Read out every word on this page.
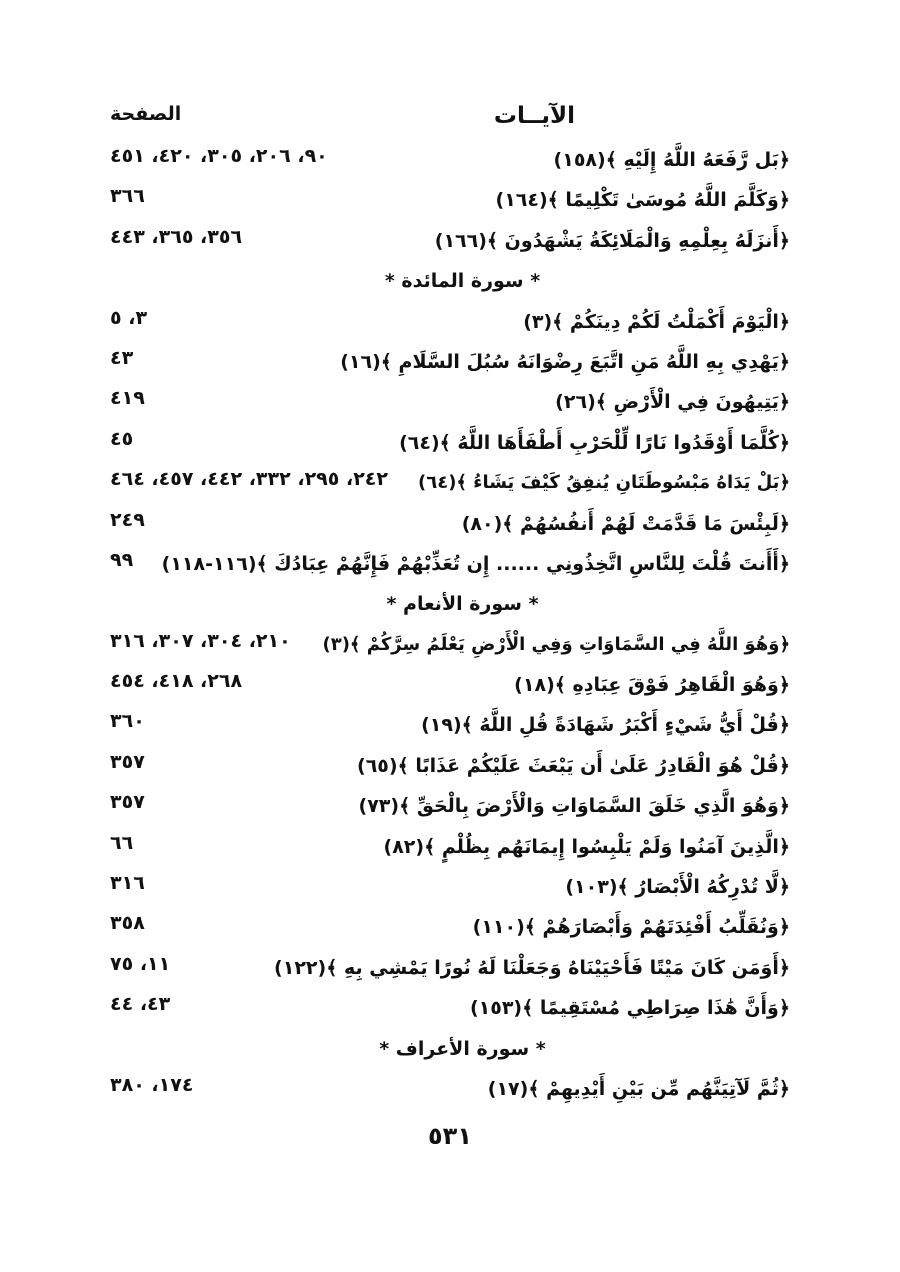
الآيــات
الصفحة
﴿بَل رَّفَعَهُ اللَّهُ إِلَيْهِ ﴾(١٥٨)
٩٠، ٢٠٦، ٣٠٥، ٤٢٠، ٤٥١
﴿وَكَلَّمَ اللَّهُ مُوسَىٰ تَكْلِيمًا ﴾(١٦٤)
٣٦٦
﴿أَنزَلَهُ بِعِلْمِهِ وَالْمَلَائِكَةُ يَشْهَدُونَ ﴾(١٦٦)
٣٥٦، ٣٦٥، ٤٤٣
* سورة المائدة *
﴿الْيَوْمَ أَكْمَلْتُ لَكُمْ دِينَكُمْ ﴾(٣)
٣، ٥
﴿يَهْدِي بِهِ اللَّهُ مَنِ اتَّبَعَ رِضْوَانَهُ سُبُلَ السَّلَامِ ﴾(١٦)
٤٣
﴿يَتِيهُونَ فِي الْأَرْضِ ﴾(٢٦)
٤١٩
﴿كُلَّمَا أَوْقَدُوا نَارًا لِّلْحَرْبِ أَطْفَأَهَا اللَّهُ ﴾(٦٤)
٤٥
﴿بَلْ يَدَاهُ مَبْسُوطَتَانِ يُنفِقُ كَيْفَ يَشَاءُ ﴾(٦٤)
٢٤٢، ٢٩٥، ٣٣٢، ٤٤٢، ٤٥٧، ٤٦٤
﴿لَبِئْسَ مَا قَدَّمَتْ لَهُمْ أَنفُسُهُمْ ﴾(٨٠)
٢٤٩
﴿أَأَنتَ قُلْتَ لِلنَّاسِ اتَّخِذُونِي ...... إِن تُعَذِّبْهُمْ فَإِنَّهُمْ عِبَادُكَ ﴾(١١٦-١١٨)
٩٩
* سورة الأنعام *
﴿وَهُوَ اللَّهُ فِي السَّمَاوَاتِ وَفِي الْأَرْضِ يَعْلَمُ سِرَّكُمْ ﴾(٣)
٢١٠، ٣٠٤، ٣٠٧، ٣١٦
﴿وَهُوَ الْقَاهِرُ فَوْقَ عِبَادِهِ ﴾(١٨)
٢٦٨، ٤١٨، ٤٥٤
﴿قُلْ أَيُّ شَيْءٍ أَكْبَرُ شَهَادَةً قُلِ اللَّهُ ﴾(١٩)
٣٦٠
﴿قُلْ هُوَ الْقَادِرُ عَلَىٰ أَن يَبْعَثَ عَلَيْكُمْ عَذَابًا ﴾(٦٥)
٣٥٧
﴿وَهُوَ الَّذِي خَلَقَ السَّمَاوَاتِ وَالْأَرْضَ بِالْحَقِّ ﴾(٧٣)
٣٥٧
﴿الَّذِينَ آمَنُوا وَلَمْ يَلْبِسُوا إِيمَانَهُم بِظُلْمٍ ﴾(٨٢)
٦٦
﴿لَّا تُدْرِكُهُ الْأَبْصَارُ ﴾(١٠٣)
٣١٦
﴿وَنُقَلِّبُ أَفْئِدَتَهُمْ وَأَبْصَارَهُمْ ﴾(١١٠)
٣٥٨
﴿أَوَمَن كَانَ مَيْتًا فَأَحْيَيْنَاهُ وَجَعَلْنَا لَهُ نُورًا يَمْشِي بِهِ ﴾(١٢٢)
١١، ٧٥
﴿وَأَنَّ هَٰذَا صِرَاطِي مُسْتَقِيمًا ﴾(١٥٣)
٤٣، ٤٤
* سورة الأعراف *
﴿ثُمَّ لَآتِيَنَّهُم مِّن بَيْنِ أَيْدِيهِمْ ﴾(١٧)
١٧٤، ٣٨٠
٥٣١
